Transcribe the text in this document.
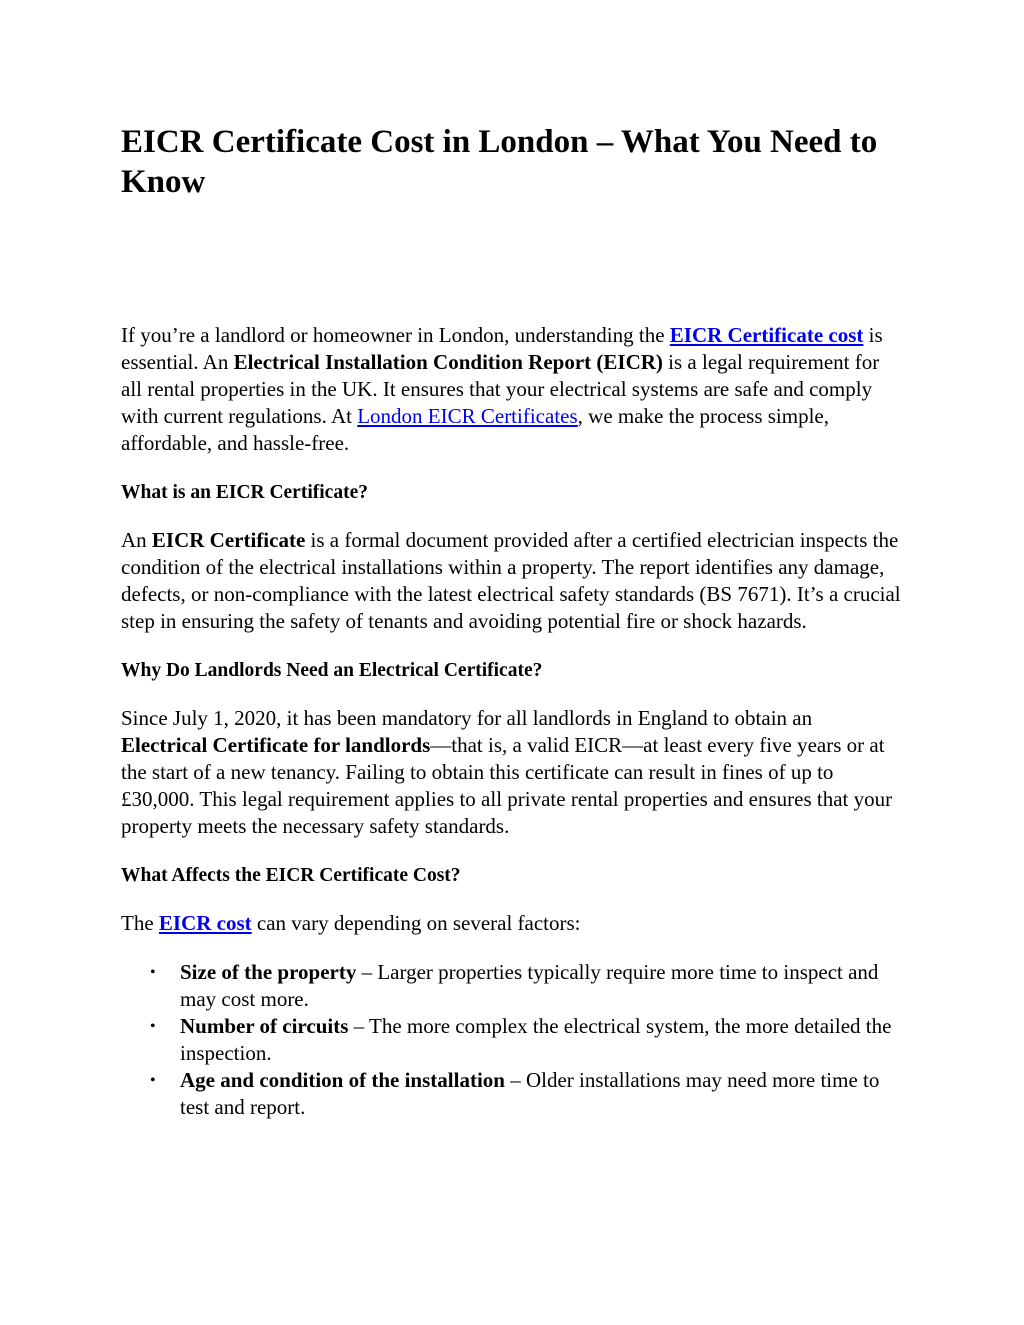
EICR Certificate Cost in London – What You Need to Know

If you’re a landlord or homeowner in London, understanding the EICR Certificate cost is essential. An Electrical Installation Condition Report (EICR) is a legal requirement for all rental properties in the UK. It ensures that your electrical systems are safe and comply with current regulations. At London EICR Certificates, we make the process simple, affordable, and hassle-free.

What is an EICR Certificate?

An EICR Certificate is a formal document provided after a certified electrician inspects the condition of the electrical installations within a property. The report identifies any damage, defects, or non-compliance with the latest electrical safety standards (BS 7671). It’s a crucial step in ensuring the safety of tenants and avoiding potential fire or shock hazards.

Why Do Landlords Need an Electrical Certificate?

Since July 1, 2020, it has been mandatory for all landlords in England to obtain an Electrical Certificate for landlords—that is, a valid EICR—at least every five years or at the start of a new tenancy. Failing to obtain this certificate can result in fines of up to £30,000. This legal requirement applies to all private rental properties and ensures that your property meets the necessary safety standards.

What Affects the EICR Certificate Cost?

The EICR cost can vary depending on several factors:

• Size of the property – Larger properties typically require more time to inspect and may cost more.
• Number of circuits – The more complex the electrical system, the more detailed the inspection.
• Age and condition of the installation – Older installations may need more time to test and report.
